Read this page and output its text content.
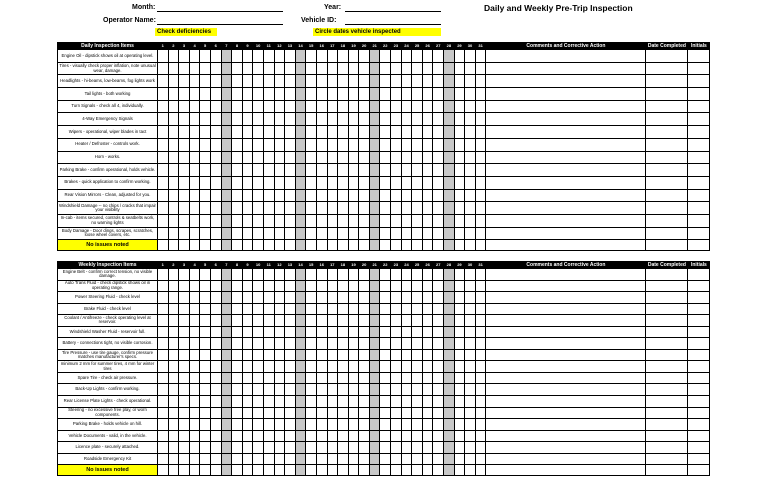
Month:	Year:
Operator Name:	Vehicle ID:
Daily and Weekly Pre-Trip Inspection
Check deficiencies	Circle dates vehicle inspected
Daily Inspection Items	1	2	3	4	5	6	7	8	9	10	11	12	13	14	15	16	17	18	19	20	21	22	23	24	25	26	27	28	29	30	31	Comments and Corrective Action	Date Completed	Initials
Engine Oil - dipstick shows oil at operating level.																																		
Tires - visually check proper inflation, note unusual wear, damage.																																		
Headlights - hi-beams, low-beams, fog lights work																																		
Tail lights - both working																																		
Turn Signals - check all 4, individually.																																		
4-Way Emergency Signals																																		
Wipers - operational, wiper blades in tact																																		
Heater / Defroster - controls work.																																		
Horn - works.																																		
Parking Brake - confirm operational, holds vehicle.																																		
Brakes - quick application to confirm working.																																		
Rear Vision Mirrors - Clean, adjusted for you.																																		
Windshield Damage -- no chips / cracks that impair your visibility																																		
In-cab - items secured, controls & seatbelts work, no warning lights																																		
Body Damage - Door dings, scrapes, scratches, loose wheel covers, etc.																																		
No issues noted																																		
Weekly Inspection Items	1	2	3	4	5	6	7	8	9	10	11	12	13	14	15	16	17	18	19	20	21	22	23	24	25	26	27	28	29	30	31	Comments and Corrective Action	Date Completed	Initials
Engine Belt - confirm correct tension, no visible damage.																																		
Auto Trans Fluid - check dipstick shows oil in operating range.																																		
Power Steering Fluid - check level																																		
Brake Fluid - check level																																		
Coolant / Antifreeze - check operating level at reservoir.																																		
Windshield Washer Fluid - reservoir full.																																		
Battery - connections tight, no visible corrosion.																																		
Tire Pressure - use tire gauge, confirm pressure matches manufacturer's specs.																																		
minimum 2 mm for summer tires, 4 mm for winter tires																																		
Spare Tire - check air pressure.																																		
Back-Up Lights - confirm working.																																		
Rear License Plate Lights - check operational.																																		
Steering - no excessive free play, or worn components.																																		
Parking Brake - holds vehicle on hill.																																		
Vehicle Documents - valid, in the vehicle.																																		
Licence plate - securely attached.																																		
Roadside Emergency Kit																																		
No issues noted																																		
